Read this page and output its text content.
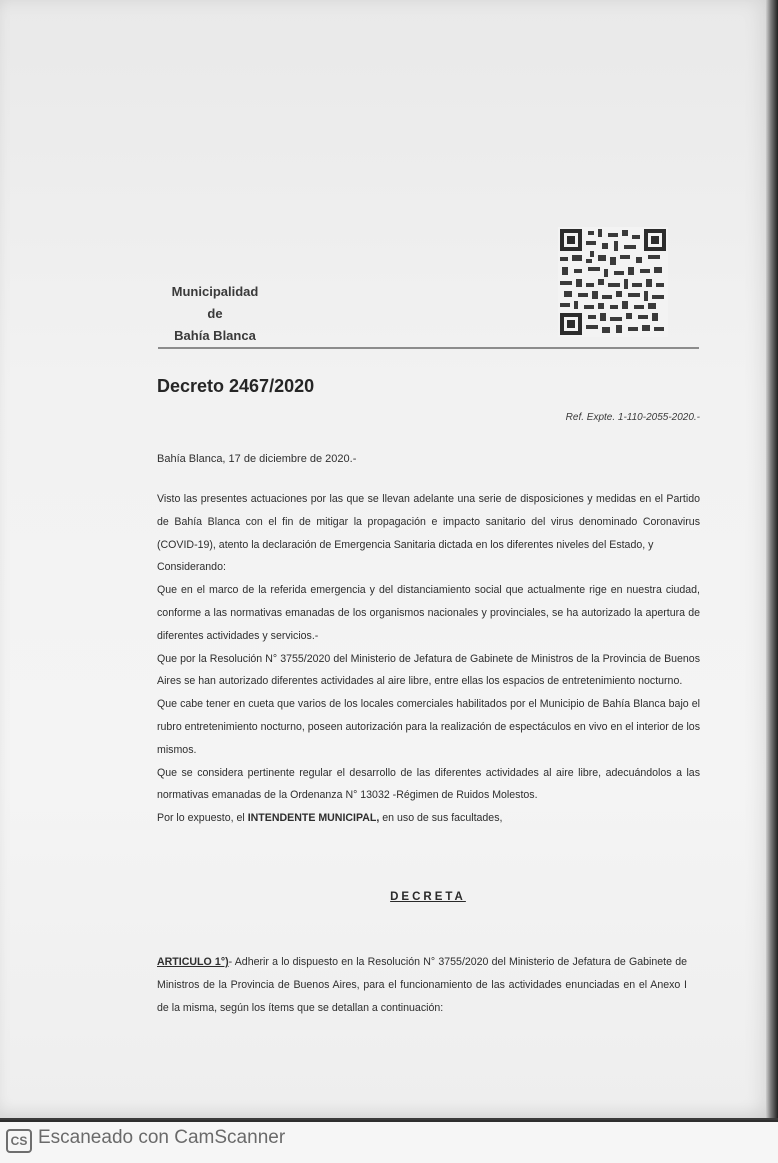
Municipalidad
de
Bahía Blanca
Decreto 2467/2020
Ref. Expte. 1-110-2055-2020.-
Bahía Blanca, 17 de diciembre de 2020.-

Visto las presentes actuaciones por las que se llevan adelante una serie de disposiciones y medidas en el Partido de Bahía Blanca con el fin de mitigar la propagación e impacto sanitario del virus denominado Coronavirus (COVID-19), atento la declaración de Emergencia Sanitaria dictada en los diferentes niveles del Estado, y

Considerando:

Que en el marco de la referida emergencia y del distanciamiento social que actualmente rige en nuestra ciudad, conforme a las normativas emanadas de los organismos nacionales y provinciales, se ha autorizado la apertura de diferentes actividades y servicios.-

Que por la Resolución N° 3755/2020 del Ministerio de Jefatura de Gabinete de Ministros de la Provincia de Buenos Aires se han autorizado diferentes actividades al aire libre, entre ellas los espacios de entretenimiento nocturno.

Que cabe tener en cueta que varios de los locales comerciales habilitados por el Municipio de Bahía Blanca bajo el rubro entretenimiento nocturno, poseen autorización para la realización de espectáculos en vivo en el interior de los mismos.

Que se considera pertinente regular el desarrollo de las diferentes actividades al aire libre, adecuándolos a las normativas emanadas de la Ordenanza N° 13032 -Régimen de Ruidos Molestos.

Por lo expuesto, el INTENDENTE MUNICIPAL, en uso de sus facultades,

DECRETA
ARTICULO 1°)- Adherir a lo dispuesto en la Resolución N° 3755/2020 del Ministerio de Jefatura de Gabinete de Ministros de la Provincia de Buenos Aires, para el funcionamiento de las actividades enunciadas en el Anexo I de la misma, según los ítems que se detallan a continuación:
CS Escaneado con CamScanner
